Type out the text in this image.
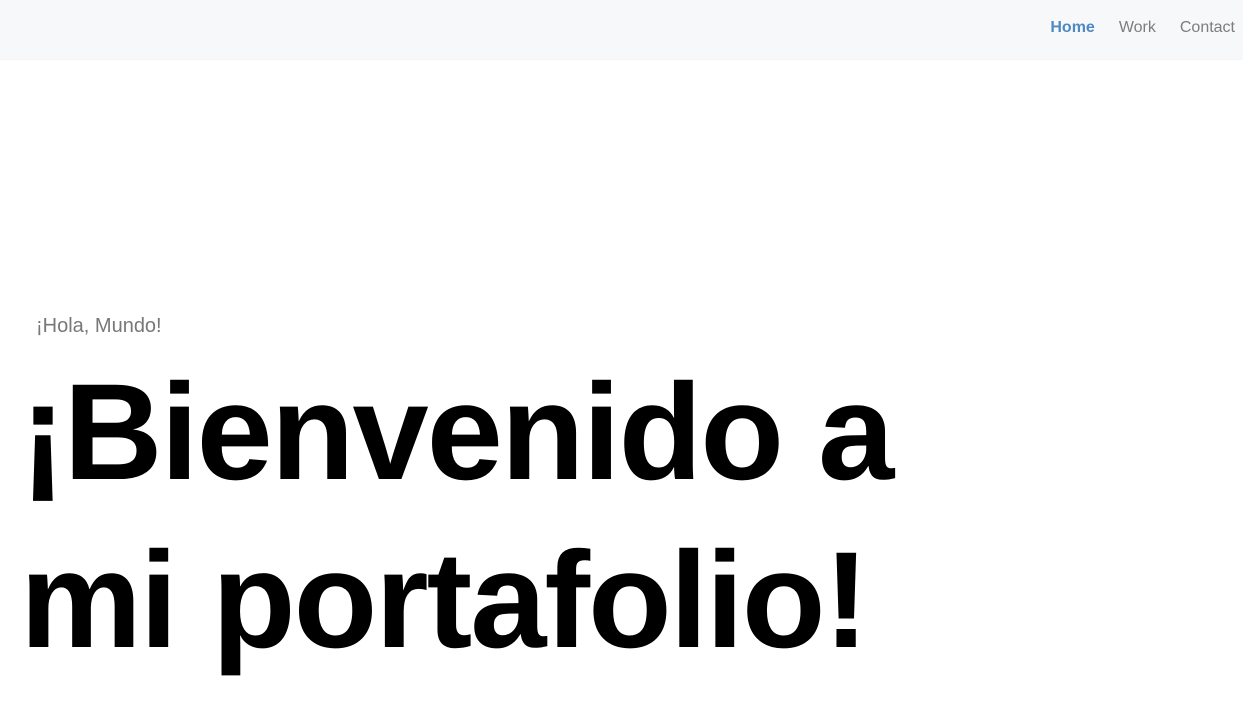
Home Work Contact

¡Hola, Mundo!

¡Bienvenido a
mi portafolio!
